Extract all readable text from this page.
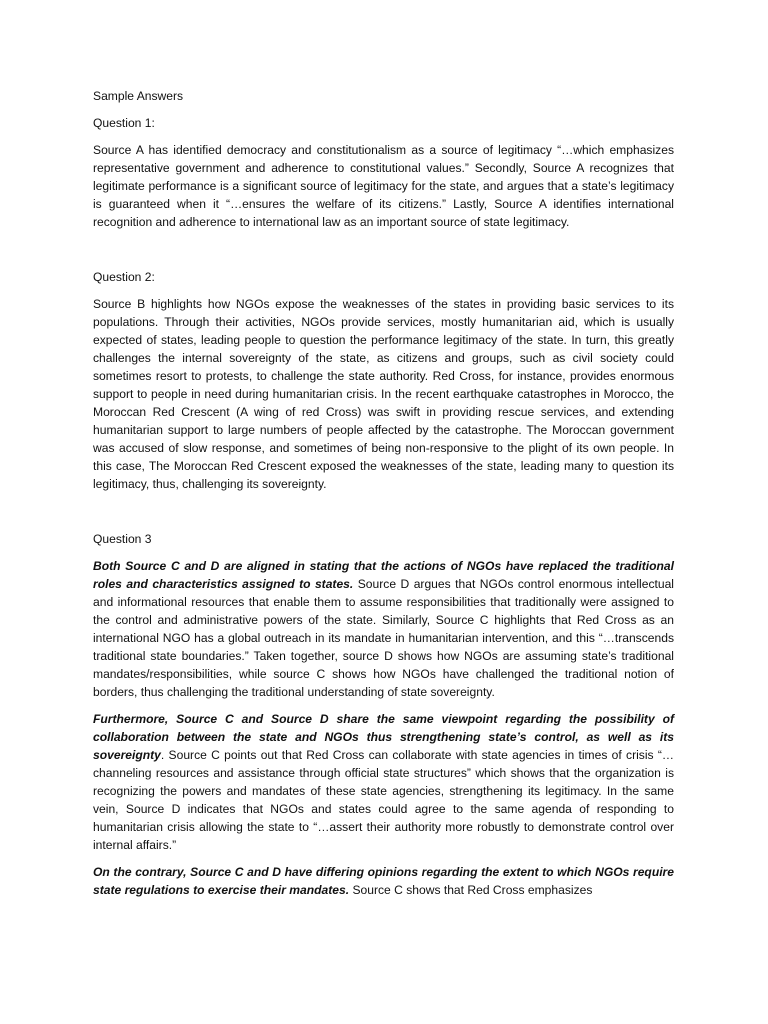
Sample Answers

Question 1:

Source A has identified democracy and constitutionalism as a source of legitimacy “…which emphasizes representative government and adherence to constitutional values.” Secondly, Source A recognizes that legitimate performance is a significant source of legitimacy for the state, and argues that a state’s legitimacy is guaranteed when it “…ensures the welfare of its citizens.” Lastly, Source A identifies international recognition and adherence to international law as an important source of state legitimacy.

Question 2:

Source B highlights how NGOs expose the weaknesses of the states in providing basic services to its populations. Through their activities, NGOs provide services, mostly humanitarian aid, which is usually expected of states, leading people to question the performance legitimacy of the state. In turn, this greatly challenges the internal sovereignty of the state, as citizens and groups, such as civil society could sometimes resort to protests, to challenge the state authority. Red Cross, for instance, provides enormous support to people in need during humanitarian crisis. In the recent earthquake catastrophes in Morocco, the Moroccan Red Crescent (A wing of red Cross) was swift in providing rescue services, and extending humanitarian support to large numbers of people affected by the catastrophe. The Moroccan government was accused of slow response, and sometimes of being non-responsive to the plight of its own people. In this case, The Moroccan Red Crescent exposed the weaknesses of the state, leading many to question its legitimacy, thus, challenging its sovereignty.

Question 3

Both Source C and D are aligned in stating that the actions of NGOs have replaced the traditional roles and characteristics assigned to states. Source D argues that NGOs control enormous intellectual and informational resources that enable them to assume responsibilities that traditionally were assigned to the control and administrative powers of the state. Similarly, Source C highlights that Red Cross as an international NGO has a global outreach in its mandate in humanitarian intervention, and this “…transcends traditional state boundaries.” Taken together, source D shows how NGOs are assuming state’s traditional mandates/responsibilities, while source C shows how NGOs have challenged the traditional notion of borders, thus challenging the traditional understanding of state sovereignty.

Furthermore, Source C and Source D share the same viewpoint regarding the possibility of collaboration between the state and NGOs thus strengthening state’s control, as well as its sovereignty. Source C points out that Red Cross can collaborate with state agencies in times of crisis “…channeling resources and assistance through official state structures” which shows that the organization is recognizing the powers and mandates of these state agencies, strengthening its legitimacy. In the same vein, Source D indicates that NGOs and states could agree to the same agenda of responding to humanitarian crisis allowing the state to “…assert their authority more robustly to demonstrate control over internal affairs.”

On the contrary, Source C and D have differing opinions regarding the extent to which NGOs require state regulations to exercise their mandates. Source C shows that Red Cross emphasizes
